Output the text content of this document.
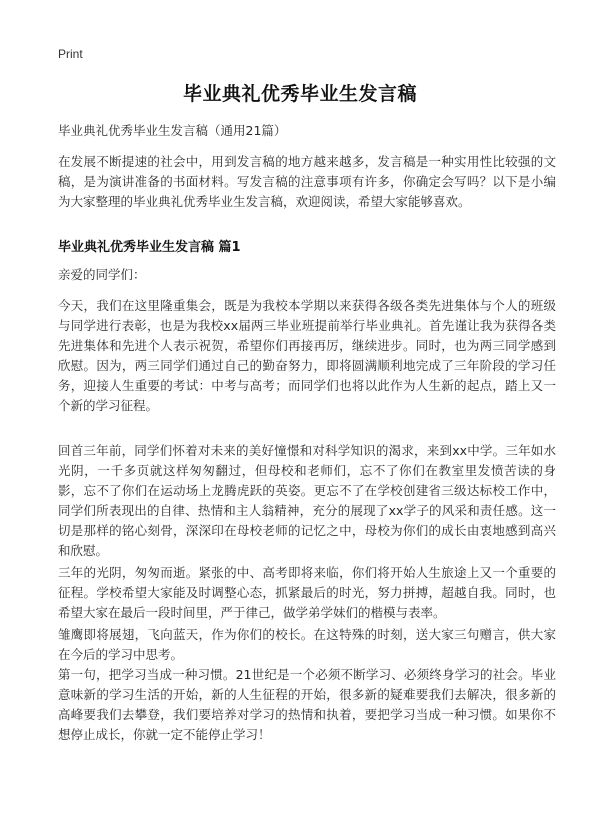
Print
毕业典礼优秀毕业生发言稿
毕业典礼优秀毕业生发言稿（通用21篇）
在发展不断提速的社会中，用到发言稿的地方越来越多，发言稿是一种实用性比较强的文稿，是为演讲准备的书面材料。写发言稿的注意事项有许多，你确定会写吗？以下是小编为大家整理的毕业典礼优秀毕业生发言稿，欢迎阅读，希望大家能够喜欢。
毕业典礼优秀毕业生发言稿 篇1
亲爱的同学们：
今天，我们在这里隆重集会，既是为我校本学期以来获得各级各类先进集体与个人的班级与同学进行表彰，也是为我校xx届两三毕业班提前举行毕业典礼。首先谨让我为获得各类先进集体和先进个人表示祝贺，希望你们再接再厉，继续进步。同时，也为两三同学感到欣慰。因为，两三同学们通过自己的勤奋努力，即将圆满顺利地完成了三年阶段的学习任务，迎接人生重要的考试：中考与高考；而同学们也将以此作为人生新的起点，踏上又一个新的学习征程。
回首三年前，同学们怀着对未来的美好憧憬和对科学知识的渴求，来到xx中学。三年如水光阴，一千多页就这样匆匆翻过，但母校和老师们，忘不了你们在教室里发愤苦读的身影，忘不了你们在运动场上龙腾虎跃的英姿。更忘不了在学校创建省三级达标校工作中，同学们所表现出的自律、热情和主人翁精神，充分的展现了xx学子的风采和责任感。这一切是那样的铭心刻骨，深深印在母校老师的记忆之中，母校为你们的成长由衷地感到高兴和欣慰。
三年的光阴，匆匆而逝。紧张的中、高考即将来临，你们将开始人生旅途上又一个重要的征程。学校希望大家能及时调整心态，抓紧最后的时光，努力拼搏，超越自我。同时，也希望大家在最后一段时间里，严于律己，做学弟学妹们的楷模与表率。
雏鹰即将展翅，飞向蓝天，作为你们的校长。在这特殊的时刻，送大家三句赠言，供大家在今后的学习中思考。
第一句，把学习当成一种习惯。21世纪是一个必须不断学习、必须终身学习的社会。毕业意味新的学习生活的开始，新的人生征程的开始，很多新的疑难要我们去解决，很多新的高峰要我们去攀登，我们要培养对学习的热情和执着，要把学习当成一种习惯。如果你不想停止成长，你就一定不能停止学习！
